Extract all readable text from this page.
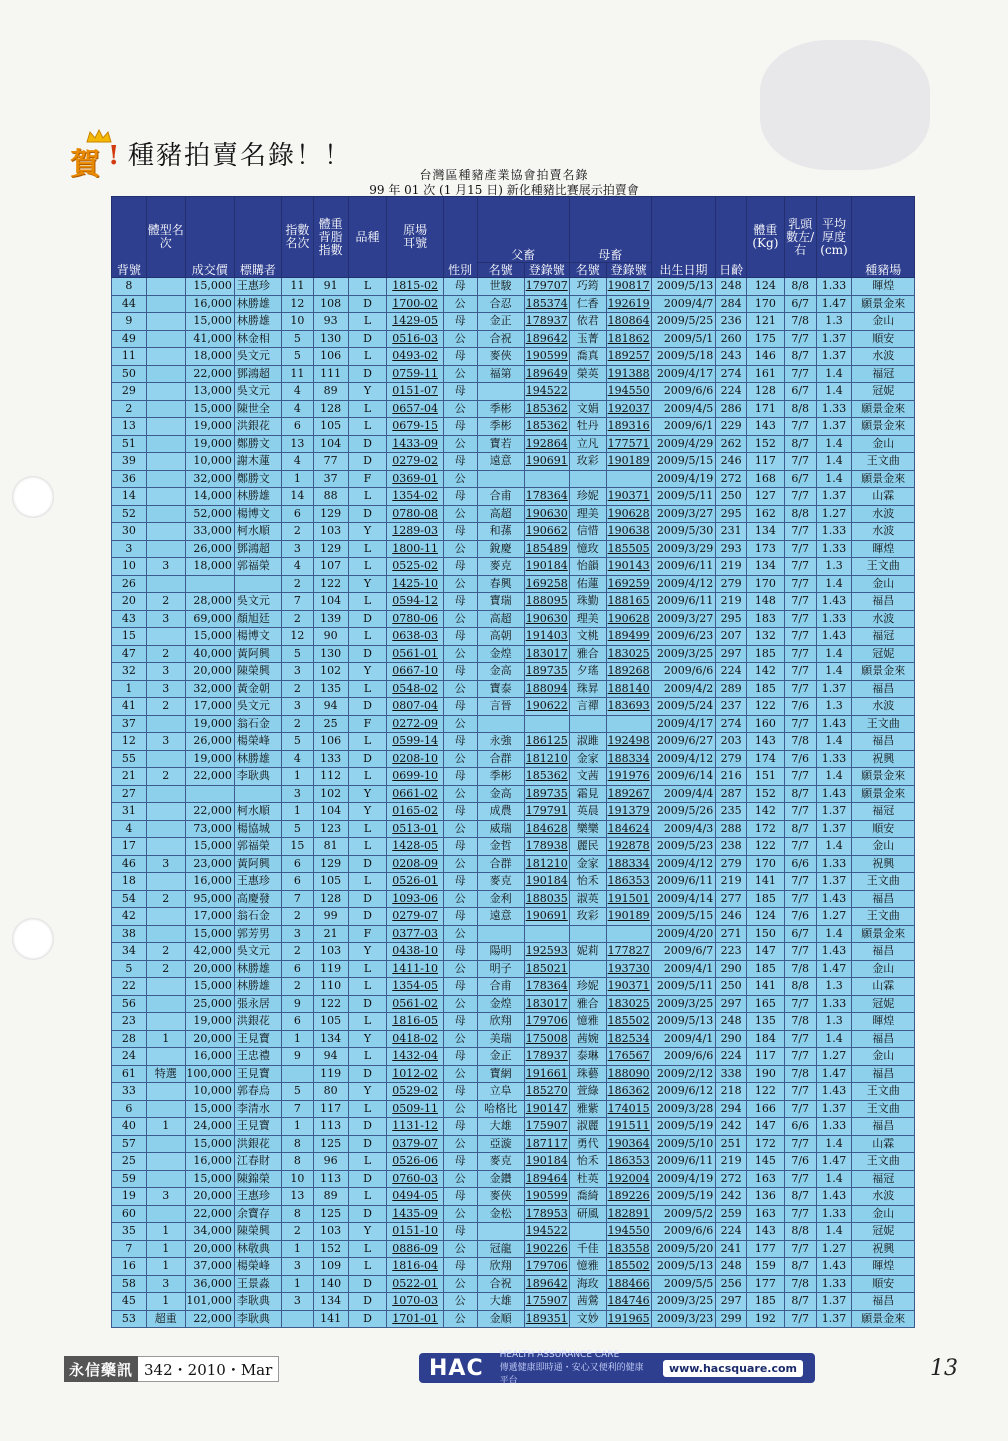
賀 ! 種豬拍賣名錄！！
台灣區種豬產業協會拍賣名錄
99 年 01 次 (1 月15 日) 新化種豬比賽展示拍賣會
背號	體型名次	成交價	標購者	指數名次	體重背脂指數	品種	原場
耳號	性別	父畜		母畜		出生日期	日齡	體重
(Kg)	乳頭數左/右	平均厚度(cm)	種豬場
									名號	登錄號	名號	登錄號						
8		15,000	王惠珍	11	91	L	1815-02	母	世駿	179707	巧筠	190817	2009/5/13	248	124	8/8	1.33	暉煌
44		16,000	林勝雄	12	108	D	1700-02	公	合忍	185374	仁香	192619	2009/4/7	284	170	6/7	1.47	願景金來
9		15,000	林勝雄	10	93	L	1429-05	母	金正	178937	依君	180864	2009/5/25	236	121	7/8	1.3	金山
49		41,000	林金相	5	130	D	0516-03	公	合祝	189642	玉菁	181862	2009/5/1	260	175	7/7	1.37	順安
11		18,000	吳文元	5	106	L	0493-02	母	麥俠	190599	喬真	189257	2009/5/18	243	146	8/7	1.37	水波
50		22,000	鄧鴻超	11	111	D	0759-11	公	福第	189649	榮英	191388	2009/4/17	274	161	7/7	1.4	福冠
29		13,000	吳文元	4	89	Y	0151-07	母		194522		194550	2009/6/6	224	128	6/7	1.4	冠妮
2		15,000	陳世全	4	128	L	0657-04	公	季彬	185362	文娟	192037	2009/4/5	286	171	8/8	1.33	願景金來
13		19,000	洪銀花	6	105	L	0679-15	母	季彬	185362	牡丹	189316	2009/6/1	229	143	7/7	1.37	願景金來
51		19,000	鄭勝文	13	104	D	1433-09	公	寶若	192864	立凡	177571	2009/4/29	262	152	8/7	1.4	金山
39		10,000	謝木蓮	4	77	D	0279-02	母	遠意	190691	玫彩	190189	2009/5/15	246	117	7/7	1.4	王文曲
36		32,000	鄭勝文	1	37	F	0369-01	公					2009/4/19	272	168	6/7	1.4	願景金來
14		14,000	林勝雄	14	88	L	1354-02	母	合甫	178364	珍妮	190371	2009/5/11	250	127	7/7	1.37	山霖
52		52,000	楊博文	6	129	D	0780-08	公	高超	190630	理美	190628	2009/3/27	295	162	8/8	1.27	水波
30		33,000	柯水順	2	103	Y	1289-03	母	和蓀	190662	信惜	190638	2009/5/30	231	134	7/7	1.33	水波
3		26,000	鄧鴻超	3	129	L	1800-11	公	銳慶	185489	憶玫	185505	2009/3/29	293	173	7/7	1.33	暉煌
10	3	18,000	郭福榮	4	107	L	0525-02	母	麥克	190184	怡韻	190143	2009/6/11	219	134	7/7	1.3	王文曲
26				2	122	Y	1425-10	公	春興	169258	佑蓮	169259	2009/4/12	279	170	7/7	1.4	金山
20	2	28,000	吳文元	7	104	L	0594-12	母	寶瑞	188095	珠勤	188165	2009/6/11	219	148	7/7	1.43	福昌
43	3	69,000	顏旭廷	2	139	D	0780-06	公	高超	190630	理美	190628	2009/3/27	295	183	7/7	1.33	水波
15		15,000	楊博文	12	90	L	0638-03	母	高朝	191403	文桃	189499	2009/6/23	207	132	7/7	1.43	福冠
47	2	40,000	黃阿興	5	130	D	0561-01	公	金煌	183017	雅合	183025	2009/3/25	297	185	7/7	1.4	冠妮
32	3	20,000	陳榮興	3	102	Y	0667-10	母	金高	189735	夕瑤	189268	2009/6/6	224	142	7/7	1.4	願景金來
1	3	32,000	黃金朝	2	135	L	0548-02	公	寶泰	188094	珠昇	188140	2009/4/2	289	185	7/7	1.37	福昌
41	2	17,000	吳文元	3	94	D	0807-04	母	言晉	190622	言禪	183693	2009/5/24	237	122	7/6	1.3	水波
37		19,000	翁石金	2	25	F	0272-09	公					2009/4/17	274	160	7/7	1.43	王文曲
12	3	26,000	楊榮峰	5	106	L	0599-14	母	永強	186125	淑雎	192498	2009/6/27	203	143	7/8	1.4	福昌
55		19,000	林勝雄	4	133	D	0208-10	公	合群	181210	金家	188334	2009/4/12	279	174	7/6	1.33	祝興
21	2	22,000	李耿典	1	112	L	0699-10	母	季彬	185362	文茜	191976	2009/6/14	216	151	7/7	1.4	願景金來
27				3	102	Y	0661-02	公	金高	189735	霜見	189267	2009/4/4	287	152	8/7	1.43	願景金來
31		22,000	柯水順	1	104	Y	0165-02	母	成農	179791	英晨	191379	2009/5/26	235	142	7/7	1.37	福冠
4		73,000	楊協城	5	123	L	0513-01	公	威瑞	184628	樂樂	184624	2009/4/3	288	172	8/7	1.37	順安
17		15,000	郭福榮	15	81	L	1428-05	母	金哲	178938	麗民	192878	2009/5/23	238	122	7/7	1.4	金山
46	3	23,000	黃阿興	6	129	D	0208-09	公	合群	181210	金家	188334	2009/4/12	279	170	6/6	1.33	祝興
18		16,000	王惠珍	6	105	L	0526-01	母	麥克	190184	怡禾	186353	2009/6/11	219	141	7/7	1.37	王文曲
54	2	95,000	高慶發	7	128	D	1093-06	公	金利	188035	淑英	191501	2009/4/14	277	185	7/7	1.43	福昌
42		17,000	翁石金	2	99	D	0279-07	母	遠意	190691	玫彩	190189	2009/5/15	246	124	7/6	1.27	王文曲
38		15,000	郭芳男	3	21	F	0377-03	公					2009/4/20	271	150	6/7	1.4	願景金來
34	2	42,000	吳文元	2	103	Y	0438-10	母	陽明	192593	妮莉	177827	2009/6/7	223	147	7/7	1.43	福昌
5	2	20,000	林勝雄	6	119	L	1411-10	公	明子	185021		193730	2009/4/1	290	185	7/8	1.47	金山
22		15,000	林勝雄	2	110	L	1354-05	母	合甫	178364	珍妮	190371	2009/5/11	250	141	8/8	1.3	山霖
56		25,000	張永居	9	122	D	0561-02	公	金煌	183017	雅合	183025	2009/3/25	297	165	7/7	1.33	冠妮
23		19,000	洪銀花	6	105	L	1816-05	母	欣翔	179706	憶雅	185502	2009/5/13	248	135	7/8	1.3	暉煌
28	1	20,000	王見寶	1	134	Y	0418-02	公	美瑞	175008	茜婉	182534	2009/4/1	290	184	7/7	1.4	福昌
24		16,000	王忠禮	9	94	L	1432-04	母	金正	178937	泰琳	176567	2009/6/6	224	117	7/7	1.27	金山
61	特選	100,000	王見寶		119	D	1012-02	公	寶網	191661	珠藝	188090	2009/2/12	338	190	7/8	1.47	福昌
33		10,000	郭春烏	5	80	Y	0529-02	母	立阜	185270	萱綠	186362	2009/6/12	218	122	7/7	1.43	王文曲
6		15,000	李清水	7	117	L	0509-11	公	哈格比	190147	雅紫	174015	2009/3/28	294	166	7/7	1.37	王文曲
40	1	24,000	王見寶	1	113	D	1131-12	母	大雄	175907	淑麗	191511	2009/5/19	242	147	6/6	1.33	福昌
57		15,000	洪銀花	8	125	D	0379-07	公	亞漩	187117	勇代	190364	2009/5/10	251	172	7/7	1.4	山霖
25		16,000	江春財	8	96	L	0526-06	母	麥克	190184	怡禾	186353	2009/6/11	219	145	7/6	1.47	王文曲
59		15,000	陳錦榮	10	113	D	0760-03	公	金鑽	189464	杜英	192004	2009/4/19	272	163	7/7	1.4	福冠
19	3	20,000	王惠珍	13	89	L	0494-05	母	麥俠	190599	喬綺	189226	2009/5/19	242	136	8/7	1.43	水波
60		22,000	余寶存	8	125	D	1435-09	公	金松	178953	研風	182891	2009/5/2	259	163	7/7	1.33	金山
35	1	34,000	陳榮興	2	103	Y	0151-10	母		194522		194550	2009/6/6	224	143	8/8	1.4	冠妮
7	1	20,000	林敬典	1	152	L	0886-09	公	冠龍	190226	千佳	183558	2009/5/20	241	177	7/7	1.27	祝興
16	1	37,000	楊榮峰	3	109	L	1816-04	母	欣翔	179706	憶雅	185502	2009/5/13	248	159	8/7	1.43	暉煌
58	3	36,000	王景淼	1	140	D	0522-01	公	合祝	189642	海玫	188466	2009/5/5	256	177	7/8	1.33	順安
45	1	101,000	李耿典	3	134	D	1070-03	公	大雄	175907	茜鶯	184746	2009/3/25	297	185	8/7	1.37	福昌
53	超重	22,000	李耿典		141	D	1701-01	公	金順	189351	文妙	191965	2009/3/23	299	192	7/7	1.37	願景金來
永信藥訊 342・2010・Mar	HAC
HEALTH ASSURANCE CARE
傳遞健康即時通・安心又便利的健康平台
www.hacsquare.com	13
